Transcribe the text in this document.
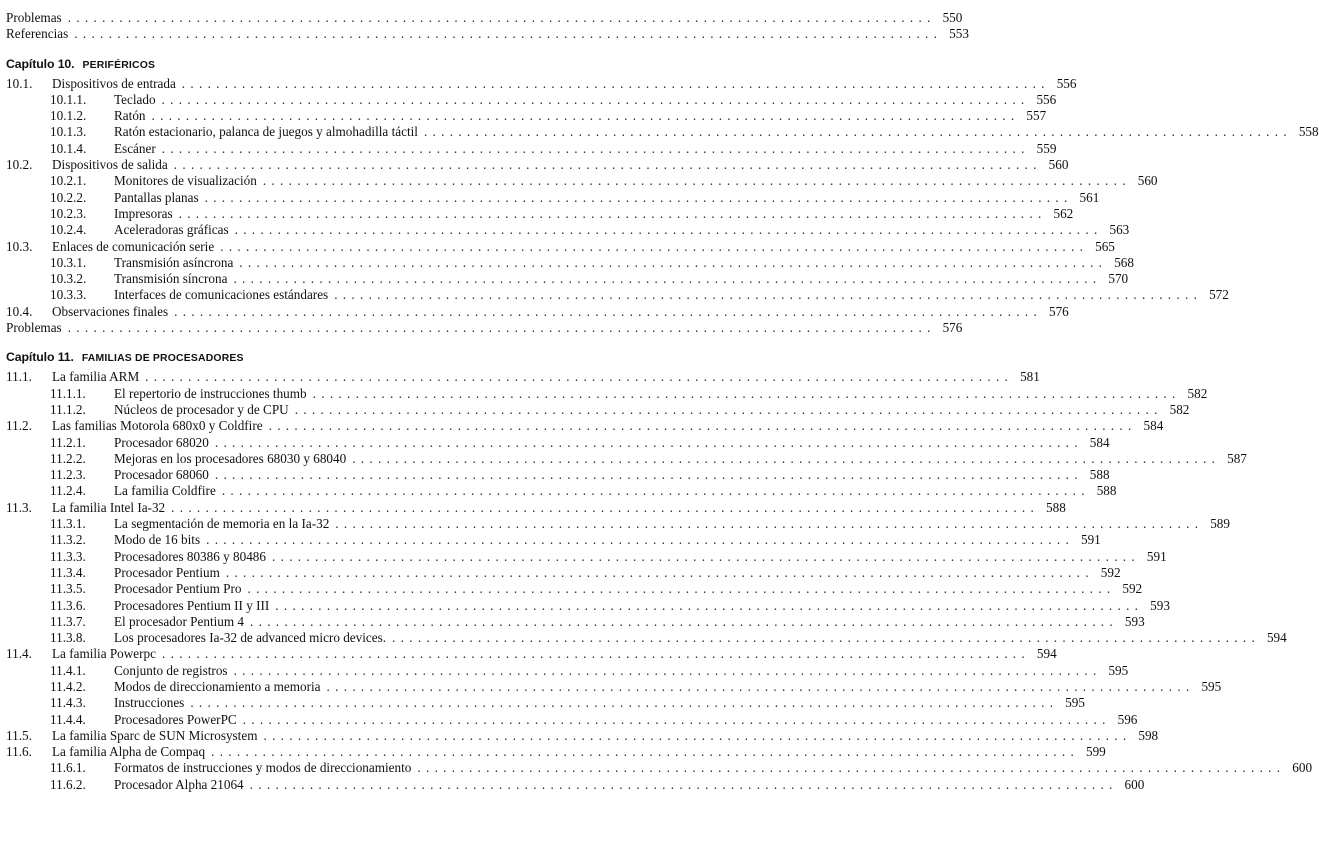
Problemas . . .	550
Referencias . . .	553
Capítulo 10. PERIFÉRICOS
10.1.	Dispositivos de entrada . . .	556
10.1.1.	Teclado . . .	556
10.1.2.	Ratón . . .	557
10.1.3.	Ratón estacionario, palanca de juegos y almohadilla táctil . . .	558
10.1.4.	Escáner . . .	559
10.2.	Dispositivos de salida . . .	560
10.2.1.	Monitores de visualización . . .	560
10.2.2.	Pantallas planas . . .	561
10.2.3.	Impresoras . . .	562
10.2.4.	Aceleradoras gráficas . . .	563
10.3.	Enlaces de comunicación serie . . .	565
10.3.1.	Transmisión asíncrona . . .	568
10.3.2.	Transmisión síncrona . . .	570
10.3.3.	Interfaces de comunicaciones estándares . . .	572
10.4.	Observaciones finales . . .	576
Problemas . . .	576
Capítulo 11. FAMILIAS DE PROCESADORES
11.1.	La familia ARM . . .	581
11.1.1.	El repertorio de instrucciones thumb . . .	582
11.1.2.	Núcleos de procesador y de CPU . . .	582
11.2.	Las familias Motorola 680x0 y Coldfire . . .	584
11.2.1.	Procesador 68020 . . .	584
11.2.2.	Mejoras en los procesadores 68030 y 68040 . . .	587
11.2.3.	Procesador 68060 . . .	588
11.2.4.	La familia Coldfire . . .	588
11.3.	La familia Intel Ia-32 . . .	588
11.3.1.	La segmentación de memoria en la Ia-32 . . .	589
11.3.2.	Modo de 16 bits . . .	591
11.3.3.	Procesadores 80386 y 80486 . . .	591
11.3.4.	Procesador Pentium . . .	592
11.3.5.	Procesador Pentium Pro . . .	592
11.3.6.	Procesadores Pentium II y III . . .	593
11.3.7.	El procesador Pentium 4 . . .	593
11.3.8.	Los procesadores Ia-32 de advanced micro devices. . . .	594
11.4.	La familia Powerpc . . .	594
11.4.1.	Conjunto de registros . . .	595
11.4.2.	Modos de direccionamiento a memoria . . .	595
11.4.3.	Instrucciones . . .	595
11.4.4.	Procesadores PowerPC . . .	596
11.5.	La familia Sparc de SUN Microsystem . . .	598
11.6.	La familia Alpha de Compaq . . .	599
11.6.1.	Formatos de instrucciones y modos de direccionamiento . . .	600
11.6.2.	Procesador Alpha 21064 . . .	600
